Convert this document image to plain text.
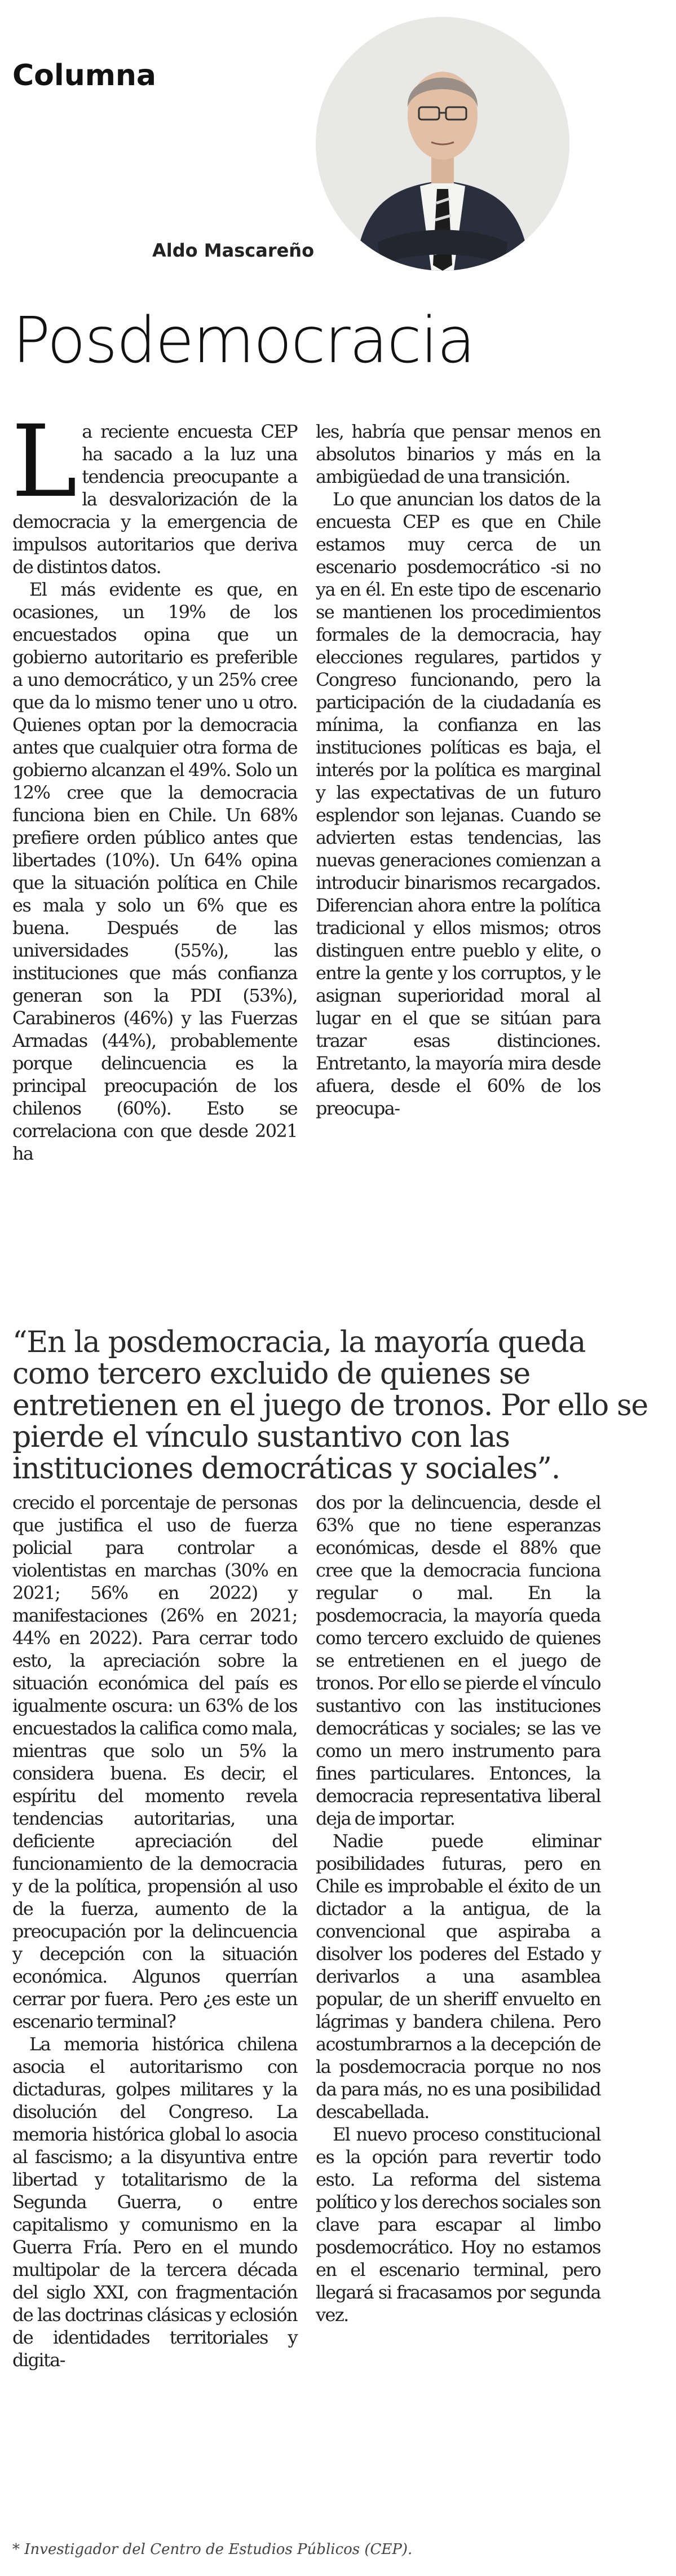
Columna
Aldo Mascareño
Posdemocracia

La reciente encuesta CEP ha sacado a la luz una tendencia preocupante a la desvalorización de la democracia y la emergencia de impulsos autoritarios que deriva de distintos datos.

El más evidente es que, en ocasiones, un 19% de los encuestados opina que un gobierno autoritario es preferible a uno democrático, y un 25% cree que da lo mismo tener uno u otro. Quienes optan por la democracia antes que cualquier otra forma de gobierno alcanzan el 49%. Solo un 12% cree que la democracia funciona bien en Chile. Un 68% prefiere orden público antes que libertades (10%). Un 64% opina que la situación política en Chile es mala y solo un 6% que es buena. Después de las universidades (55%), las instituciones que más confianza generan son la PDI (53%), Carabineros (46%) y las Fuerzas Armadas (44%), probablemente porque delincuencia es la principal preocupación de los chilenos (60%). Esto se correlaciona con que desde 2021 ha

les, habría que pensar menos en absolutos binarios y más en la ambigüedad de una transición.

Lo que anuncian los datos de la encuesta CEP es que en Chile estamos muy cerca de un escenario posdemocrático -si no ya en él. En este tipo de escenario se mantienen los procedimientos formales de la democracia, hay elecciones regulares, partidos y Congreso funcionando, pero la participación de la ciudadanía es mínima, la confianza en las instituciones políticas es baja, el interés por la política es marginal y las expectativas de un futuro esplendor son lejanas. Cuando se advierten estas tendencias, las nuevas generaciones comienzan a introducir binarismos recargados. Diferencian ahora entre la política tradicional y ellos mismos; otros distinguen entre pueblo y elite, o entre la gente y los corruptos, y le asignan superioridad moral al lugar en el que se sitúan para trazar esas distinciones. Entretanto, la mayoría mira desde afuera, desde el 60% de los preocupa-

“En la posdemocracia, la mayoría queda como tercero excluido de quienes se entretienen en el juego de tronos. Por ello se pierde el vínculo sustantivo con las instituciones democráticas y sociales”.

crecido el porcentaje de personas que justifica el uso de fuerza policial para controlar a violentistas en marchas (30% en 2021; 56% en 2022) y manifestaciones (26% en 2021; 44% en 2022). Para cerrar todo esto, la apreciación sobre la situación económica del país es igualmente oscura: un 63% de los encuestados la califica como mala, mientras que solo un 5% la considera buena. Es decir, el espíritu del momento revela tendencias autoritarias, una deficiente apreciación del funcionamiento de la democracia y de la política, propensión al uso de la fuerza, aumento de la preocupación por la delincuencia y decepción con la situación económica. Algunos querrían cerrar por fuera. Pero ¿es este un escenario terminal?

La memoria histórica chilena asocia el autoritarismo con dictaduras, golpes militares y la disolución del Congreso. La memoria histórica global lo asocia al fascismo; a la disyuntiva entre libertad y totalitarismo de la Segunda Guerra, o entre capitalismo y comunismo en la Guerra Fría. Pero en el mundo multipolar de la tercera década del siglo XXI, con fragmentación de las doctrinas clásicas y eclosión de identidades territoriales y digita-

dos por la delincuencia, desde el 63% que no tiene esperanzas económicas, desde el 88% que cree que la democracia funciona regular o mal. En la posdemocracia, la mayoría queda como tercero excluido de quienes se entretienen en el juego de tronos. Por ello se pierde el vínculo sustantivo con las instituciones democráticas y sociales; se las ve como un mero instrumento para fines particulares. Entonces, la democracia representativa liberal deja de importar.

Nadie puede eliminar posibilidades futuras, pero en Chile es improbable el éxito de un dictador a la antigua, de la convencional que aspiraba a disolver los poderes del Estado y derivarlos a una asamblea popular, de un sheriff envuelto en lágrimas y bandera chilena. Pero acostumbrarnos a la decepción de la posdemocracia porque no nos da para más, no es una posibilidad descabellada.

El nuevo proceso constitucional es la opción para revertir todo esto. La reforma del sistema político y los derechos sociales son clave para escapar al limbo posdemocrático. Hoy no estamos en el escenario terminal, pero llegará si fracasamos por segunda vez.

* Investigador del Centro de Estudios Públicos (CEP).
